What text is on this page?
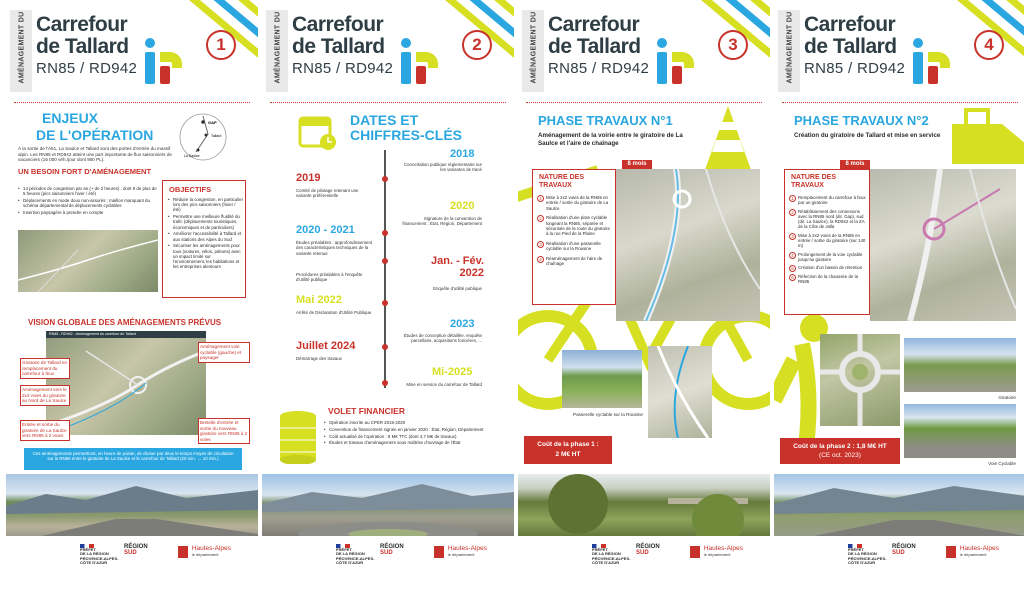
AMÉNAGEMENT DU Carrefour
de Tallard
RN85 / RD942
1
ENJEUX
DE L'OPÉRATION
GAP
Tallard
La Saulce
À la sortie de l'A51, La Saulce et Tallard sont des portes d'entrée du massif alpin. Les RN85 et RD942 atteint une part importante de flux saisonniers de vacanciers (16 000 véh./jour dont 900 PL).
UN BESOIN FORT D'AMÉNAGEMENT
• 14 périodes de congestion par an (+ de 2 heures) : dont 9 de plus de 5 heures (pics saisonniers hiver / été)
• Déplacements en mode doux non-assurés : maillon manquant du schéma départemental de déplacements cyclables
• Insertion paysagère à prendre en compte
OBJECTIFS
• Réduire la congestion, en particulier lors des pics saisonniers (hiver / été)
• Permettre une meilleure fluidité du trafic (déplacements touristiques, économiques et de particuliers)
• Améliorer l'accessibilité à Tallard et aux stations des Alpes du Sud
• Sécuriser les aménagements pour tous (voitures, vélos, piétons) avec un impact limité sur l'environnement, les habitations et les entreprises alentours
VISION GLOBALE DES AMÉNAGEMENTS PRÉVUS
RN85 - RD942 - Aménagement du carrefour de Tallard
Giratoire de Tallard en remplacement du carrefour à feux
Aménagement vers le 2x2 voies du giratoire au Nord de La Saulce
Entrée et sortie du giratoire de La Saulce vers RN85 à 2 voies
Aménagement voie cyclable (gauche) et paysager
Bretelle d'entrée et sortie du nouveau giratoire vers RN85 à 2 voies
Ces aménagements permettront, en heure de pointe, de diviser par deux le temps moyen de circulation sur la RN85 entre le giratoire de La Saulce et le carrefour de Tallard (20 min. → 10 min.)
PRÉFET
DE LA RÉGION
PROVENCE-ALPES-
CÔTE D'AZUR
RÉGION
SUD

Hautes-Alpes
le département
AMÉNAGEMENT DU Carrefour
de Tallard
RN85 / RD942
2
DATES ET
CHIFFRES-CLÉS
2018
Concertation publique réglementaire sur les variantes de tracé
2019
Comité de pilotage retenant une variante préférentielle
2020
Signature de la convention de financement : État, Région, Département
2020 - 2021
Études préalables : approfondissement des caractéristiques techniques de la variante retenue
Procédures préalables à l'enquête d'utilité publique
Jan. - Fév. 2022
Enquête d'utilité publique
Mai 2022
Arrêté de Déclaration d'Utilité Publique
2023
Études de conception détaillée, enquête parcellaire, acquisitions foncières, ...
Juillet 2024
Démarrage des travaux
Mi-2025
Mise en service du carrefour de Tallard
VOLET FINANCIER
• Opération inscrite au CPER 2015-2020
• Convention de financement signée en janvier 2020 : État, Région, Département
• Coût actualisé de l'opération : 8 M€ TTC (dont 4,7 M€ de travaux)
• Études et travaux d'aménagement sous maîtrise d'ouvrage de l'État
PRÉFET
DE LA RÉGION
PROVENCE-ALPES-
CÔTE D'AZUR
RÉGION
SUD

Hautes-Alpes
le département
AMÉNAGEMENT DU Carrefour
de Tallard
RN85 / RD942
3
PHASE TRAVAUX N°1
Aménagement de la voirie entre le giratoire de La Saulce et l'aire de chaînage
8 mois
NATURE DES TRAVAUX
1 Mise à 2x2 voies de la RN85 en entrée / sortie du giratoire de La Saulce
2 Réalisation d'une piste cyclable longeant la RN85, séparée et sécurisée de la route du giratoire à la rue Pied de la Plaine
3 Réalisation d'une passerelle cyclable sur la Rousine
4 Réaménagement de l'aire de chaînage
Passerelle cyclable sur la Rousine
Coût de la phase 1 :
2 M€ HT
PRÉFET
DE LA RÉGION
PROVENCE-ALPES-
CÔTE D'AZUR
RÉGION
SUD

Hautes-Alpes
le département
AMÉNAGEMENT DU Carrefour
de Tallard
RN85 / RD942
4
PHASE TRAVAUX N°2
Création du giratoire de Tallard et mise en service
8 mois
NATURE DES TRAVAUX
1 Remplacement du carrefour à feux par un giratoire
2 Rétablissement des connexions avec la RN85 nord (dir. Gap), sud (dir. La Saulce), la RD942 et la ZA de la Côte de Jalla
3 Mise à 2x2 voies de la RN85 en entrée / sortie du giratoire (sur 140 m)
4 Prolongement de la voie cyclable jusqu'au giratoire
5 Création d'un bassin de rétention
6 Réfection de la chaussée de la RN85
Giratoire
Voie Cyclable
Coût de la phase 2 : 1,8 M€ HT
(CE oct. 2023)
PRÉFET
DE LA RÉGION
PROVENCE-ALPES-
CÔTE D'AZUR
RÉGION
SUD

Hautes-Alpes
le département
